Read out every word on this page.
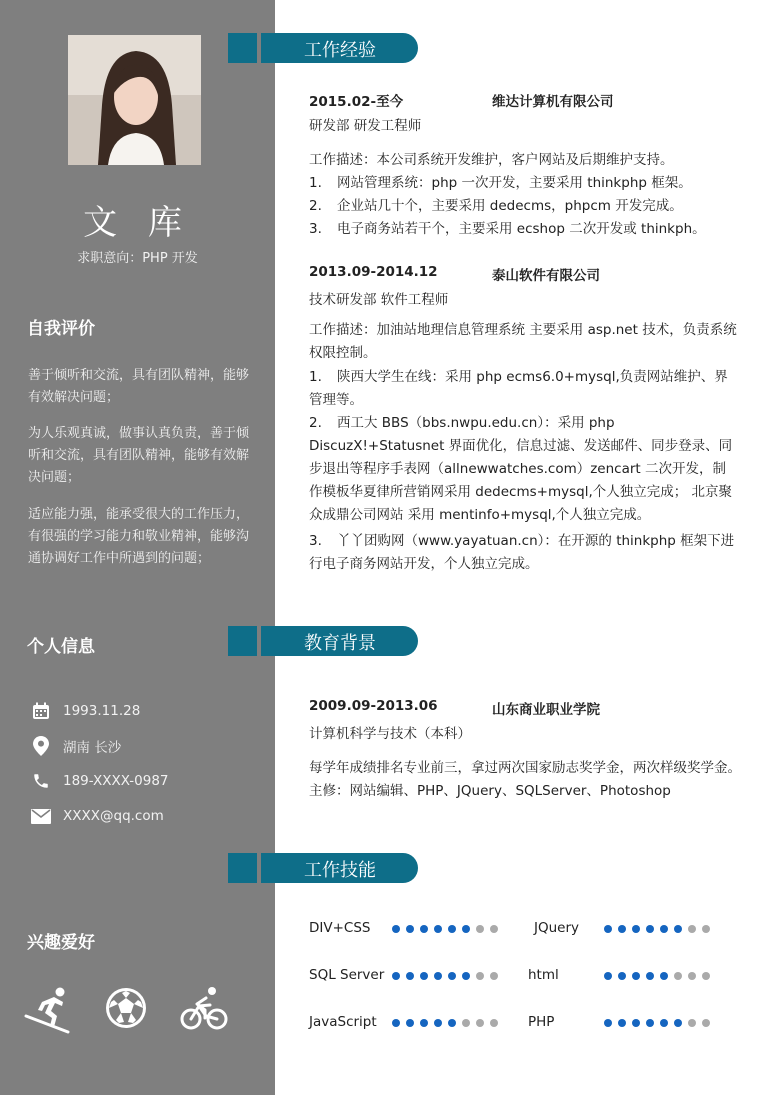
文 库
求职意向：PHP 开发
自我评价
善于倾听和交流，具有团队精神，能够有效解决问题；
为人乐观真诚，做事认真负责，善于倾听和交流，具有团队精神，能够有效解决问题；
适应能力强，能承受很大的工作压力，有很强的学习能力和敬业精神，能够沟通协调好工作中所遇到的问题；
个人信息
1993.11.28
湖南 长沙
189-XXXX-0987
XXXX@qq.com
兴趣爱好
工作经验
2015.02-至今	维达计算机有限公司
研发部 研发工程师
工作描述：本公司系统开发维护，客户网站及后期维护支持。
1. 网站管理系统：php 一次开发，主要采用 thinkphp 框架。
2. 企业站几十个，主要采用 dedecms，phpcm 开发完成。
3. 电子商务站若干个，主要采用 ecshop 二次开发或 thinkph。
2013.09-2014.12	泰山软件有限公司
技术研发部 软件工程师
工作描述：加油站地理信息管理系统 主要采用 asp.net 技术，负责系统权限控制。
1. 陕西大学生在线：采用 php ecms6.0+mysql,负责网站维护、界管理等。
2. 西工大 BBS（bbs.nwpu.edu.cn）：采用 php DiscuzX!+Statusnet 界面优化，信息过滤、发送邮件、同步登录、同步退出等程序手表网（allnewwatches.com）zencart 二次开发，制作模板华夏律所营销网采用 dedecms+mysql,个人独立完成； 北京聚众成鼎公司网站 采用 mentinfo+mysql,个人独立完成。
3. 丫丫团购网（www.yayatuan.cn）：在开源的 thinkphp 框架下进行电子商务网站开发，个人独立完成。
教育背景
2009.09-2013.06	山东商业职业学院
计算机科学与技术（本科）
每学年成绩排名专业前三，拿过两次国家励志奖学金，两次样级奖学金。
主修：网站编辑、PHP、JQuery、SQLServer、Photoshop
工作技能
DIV+CSS	JQuery
SQL Server	html
JavaScript	PHP
